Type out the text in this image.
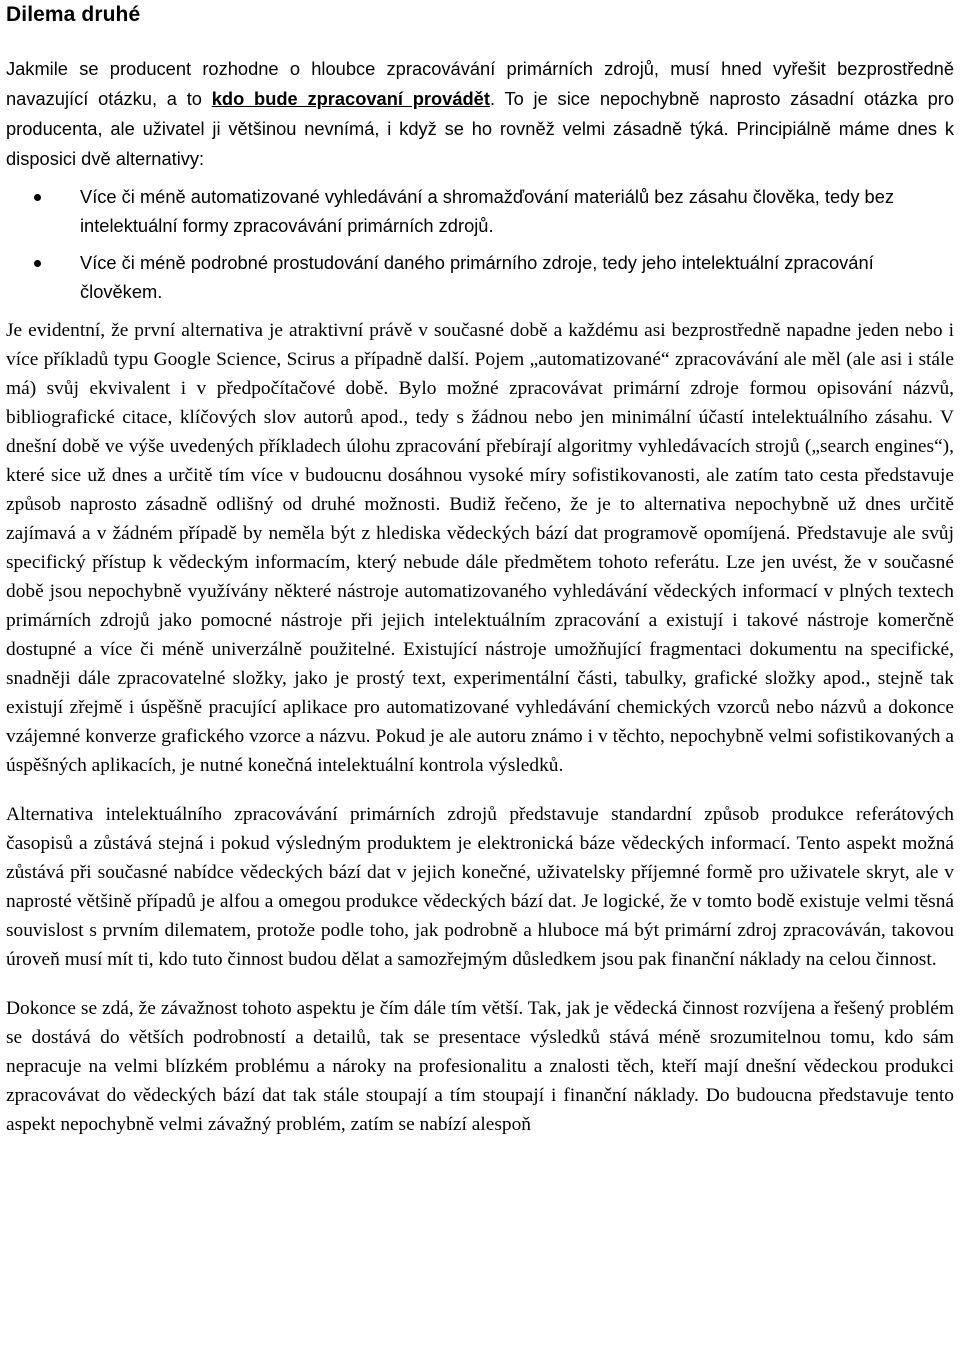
Dilema druhé

Jakmile se producent rozhodne o hloubce zpracovávání primárních zdrojů, musí hned vyřešit bezprostředně navazující otázku, a to kdo bude zpracovaní provádět. To je sice nepochybně naprosto zásadní otázka pro producenta, ale uživatel ji většinou nevnímá, i když se ho rovněž velmi zásadně týká. Principiálně máme dnes k disposici dvě alternativy:

Více či méně automatizované vyhledávání a shromažďování materiálů bez zásahu člověka, tedy bez intelektuální formy zpracovávání primárních zdrojů.
Více či méně podrobné prostudování daného primárního zdroje, tedy jeho intelektuální zpracování člověkem.

Je evidentní, že první alternativa je atraktivní právě v současné době a každému asi bezprostředně napadne jeden nebo i více příkladů typu Google Science, Scirus a případně další. Pojem „automatizované“ zpracovávání ale měl (ale asi i stále má) svůj ekvivalent i v předpočítačové době. Bylo možné zpracovávat primární zdroje formou opisování názvů, bibliografické citace, klíčových slov autorů apod., tedy s žádnou nebo jen minimální účastí intelektuálního zásahu. V dnešní době ve výše uvedených příkladech úlohu zpracování přebírají algoritmy vyhledávacích strojů („search engines“), které sice už dnes a určitě tím více v budoucnu dosáhnou vysoké míry sofistikovanosti, ale zatím tato cesta představuje způsob naprosto zásadně odlišný od druhé možnosti. Budiž řečeno, že je to alternativa nepochybně už dnes určitě zajímavá a v žádném případě by neměla být z hlediska vědeckých bází dat programově opomíjená. Představuje ale svůj specifický přístup k vědeckým informacím, který nebude dále předmětem tohoto referátu. Lze jen uvést, že v současné době jsou nepochybně využívány některé nástroje automatizovaného vyhledávání vědeckých informací v plných textech primárních zdrojů jako pomocné nástroje při jejich intelektuálním zpracování a existují i takové nástroje komerčně dostupné a více či méně univerzálně použitelné. Existující nástroje umožňující fragmentaci dokumentu na specifické, snadněji dále zpracovatelné složky, jako je prostý text, experimentální části, tabulky, grafické složky apod., stejně tak existují zřejmě i úspěšně pracující aplikace pro automatizované vyhledávání chemických vzorců nebo názvů a dokonce vzájemné konverze grafického vzorce a názvu. Pokud je ale autoru známo i v těchto, nepochybně velmi sofistikovaných a úspěšných aplikacích, je nutné konečná intelektuální kontrola výsledků.

Alternativa intelektuálního zpracovávání primárních zdrojů představuje standardní způsob produkce referátových časopisů a zůstává stejná i pokud výsledným produktem je elektronická báze vědeckých informací. Tento aspekt možná zůstává při současné nabídce vědeckých bází dat v jejich konečné, uživatelsky příjemné formě pro uživatele skryt, ale v naprosté většině případů je alfou a omegou produkce vědeckých bází dat. Je logické, že v tomto bodě existuje velmi těsná souvislost s prvním dilematem, protože podle toho, jak podrobně a hluboce má být primární zdroj zpracováván, takovou úroveň musí mít ti, kdo tuto činnost budou dělat a samozřejmým důsledkem jsou pak finanční náklady na celou činnost.

Dokonce se zdá, že závažnost tohoto aspektu je čím dále tím větší. Tak, jak je vědecká činnost rozvíjena a řešený problém se dostává do větších podrobností a detailů, tak se presentace výsledků stává méně srozumitelnou tomu, kdo sám nepracuje na velmi blízkém problému a nároky na profesionalitu a znalosti těch, kteří mají dnešní vědeckou produkci zpracovávat do vědeckých bází dat tak stále stoupají a tím stoupají i finanční náklady. Do budoucna představuje tento aspekt nepochybně velmi závažný problém, zatím se nabízí alespoň
